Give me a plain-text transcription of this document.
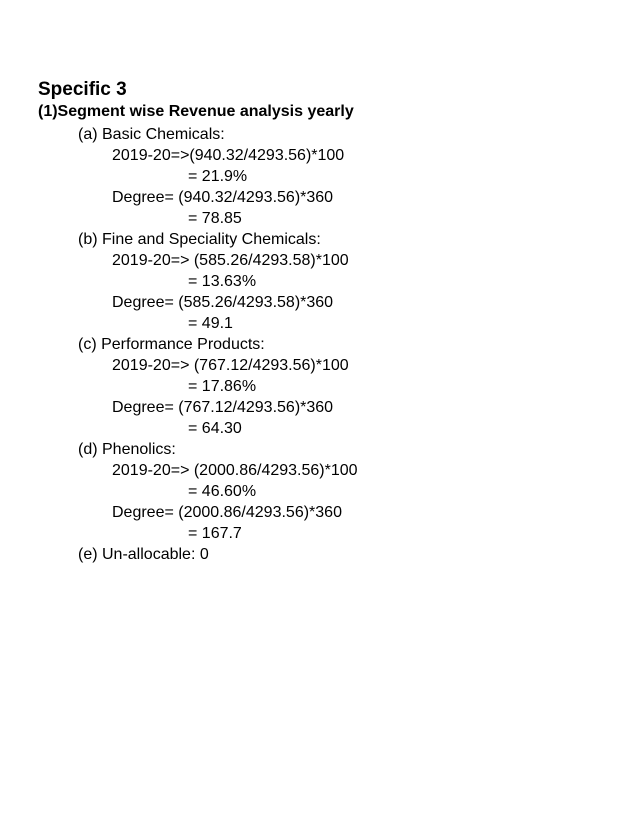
Specific 3
(1)Segment wise Revenue analysis yearly
(a) Basic Chemicals:
2019-20=>(940.32/4293.56)*100
= 21.9%
Degree= (940.32/4293.56)*360
= 78.85
(b) Fine and Speciality Chemicals:
2019-20=> (585.26/4293.58)*100
= 13.63%
Degree= (585.26/4293.58)*360
= 49.1
(c) Performance Products:
2019-20=> (767.12/4293.56)*100
= 17.86%
Degree= (767.12/4293.56)*360
= 64.30
(d) Phenolics:
2019-20=> (2000.86/4293.56)*100
= 46.60%
Degree= (2000.86/4293.56)*360
= 167.7
(e) Un-allocable: 0
